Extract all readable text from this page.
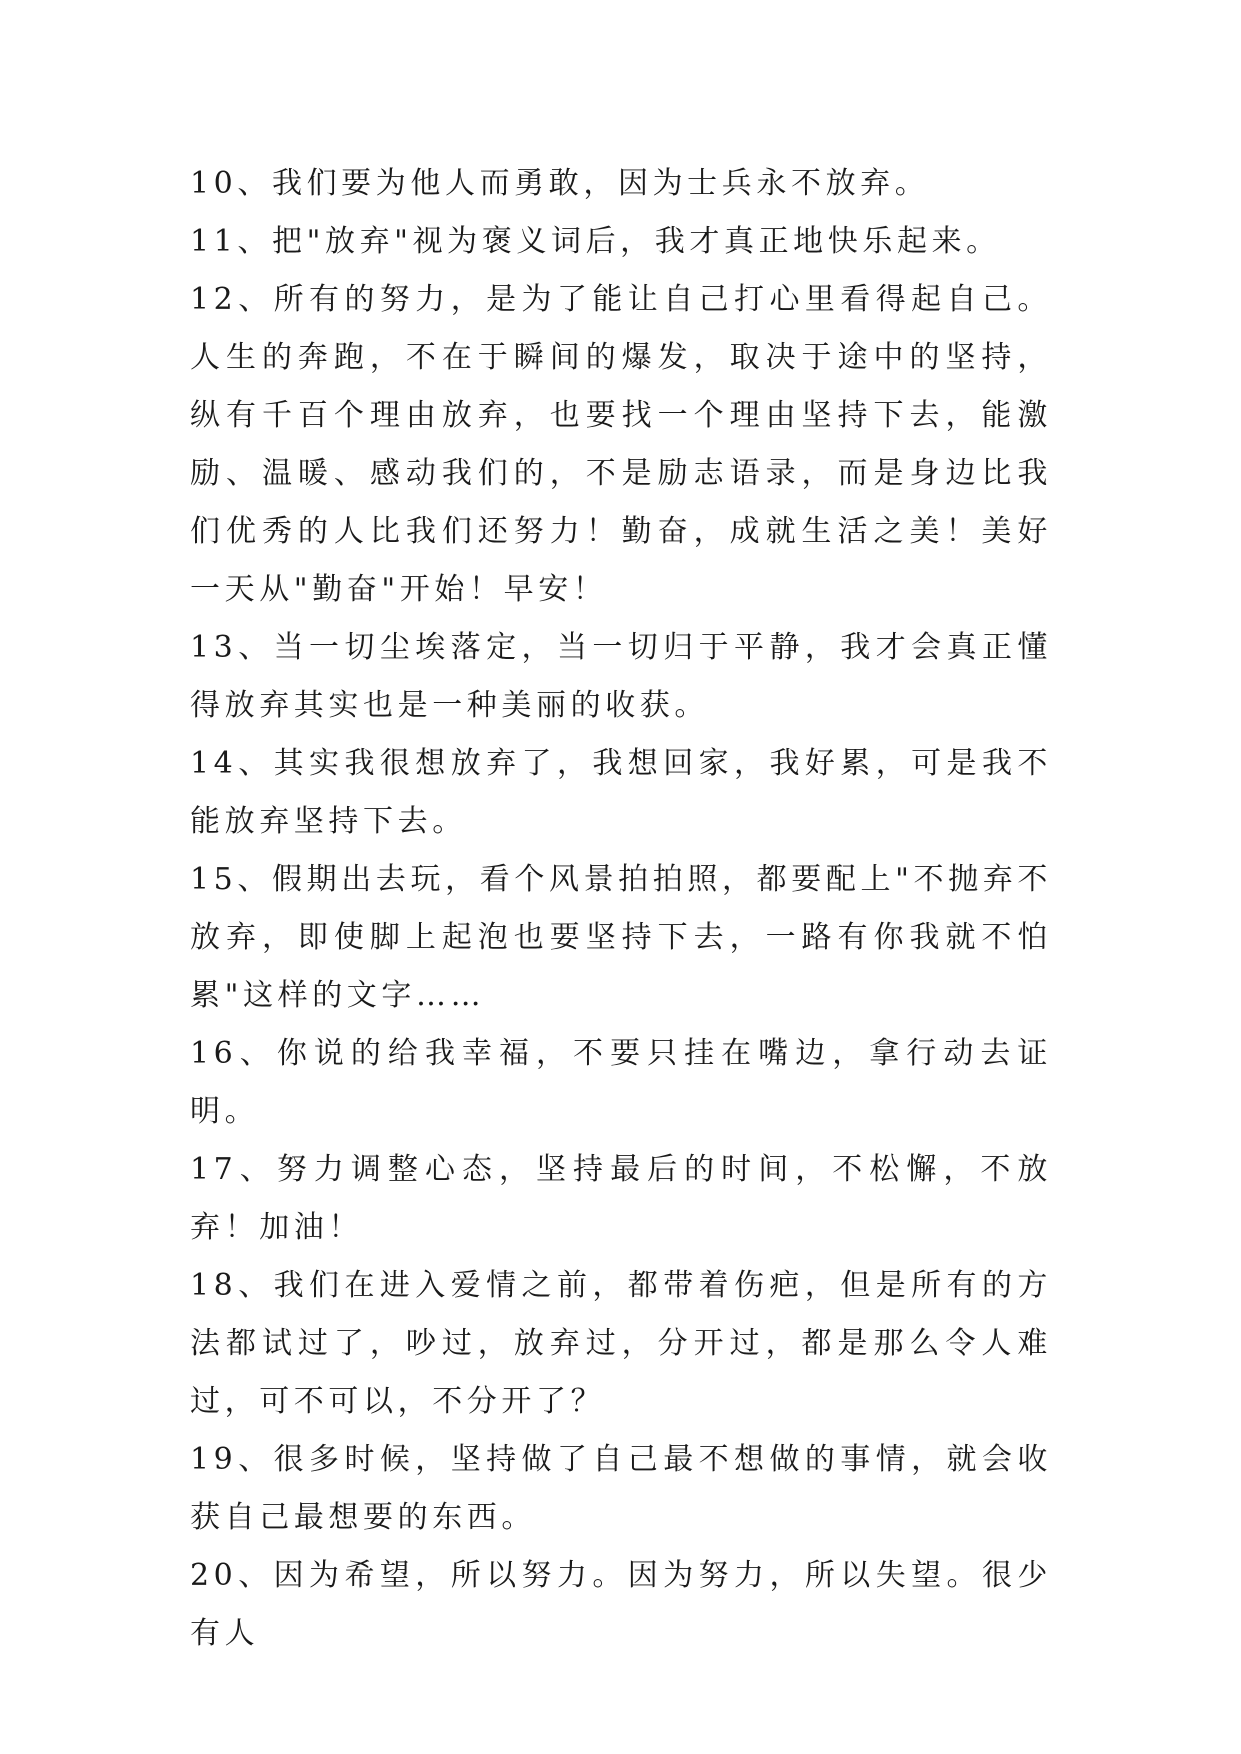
10、我们要为他人而勇敢，因为士兵永不放弃。

11、把"放弃"视为褒义词后，我才真正地快乐起来。

12、所有的努力，是为了能让自己打心里看得起自己。人生的奔跑，不在于瞬间的爆发，取决于途中的坚持，纵有千百个理由放弃，也要找一个理由坚持下去，能激励、温暖、感动我们的，不是励志语录，而是身边比我们优秀的人比我们还努力！勤奋，成就生活之美！美好一天从"勤奋"开始！早安！

13、当一切尘埃落定，当一切归于平静，我才会真正懂得放弃其实也是一种美丽的收获。

14、其实我很想放弃了，我想回家，我好累，可是我不能放弃坚持下去。

15、假期出去玩，看个风景拍拍照，都要配上"不抛弃不放弃，即使脚上起泡也要坚持下去，一路有你我就不怕累"这样的文字……

16、你说的给我幸福，不要只挂在嘴边，拿行动去证明。

17、努力调整心态，坚持最后的时间，不松懈，不放弃！加油！

18、我们在进入爱情之前，都带着伤疤，但是所有的方法都试过了，吵过，放弃过，分开过，都是那么令人难过，可不可以，不分开了？

19、很多时候，坚持做了自己最不想做的事情，就会收获自己最想要的东西。

20、因为希望，所以努力。因为努力，所以失望。很少有人
